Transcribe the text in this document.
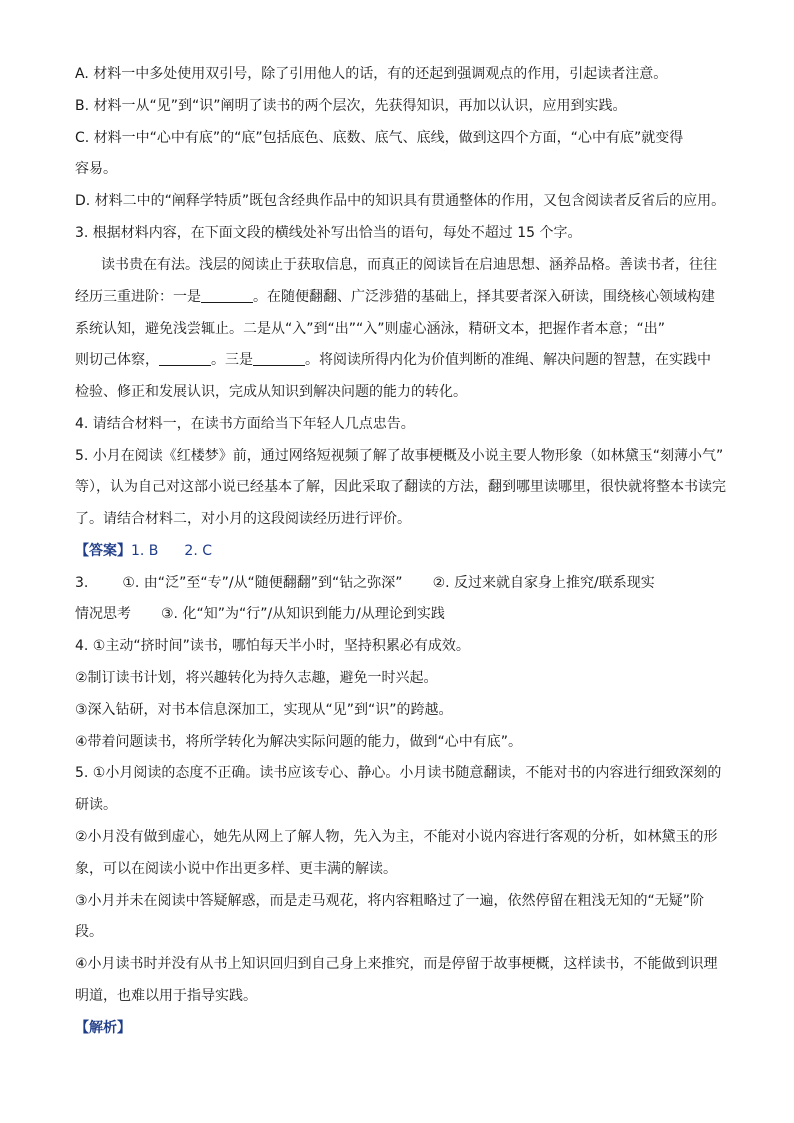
A. 材料一中多处使用双引号，除了引用他人的话，有的还起到强调观点的作用，引起读者注意。
B. 材料一从“见”到“识”阐明了读书的两个层次，先获得知识，再加以认识，应用到实践。
C. 材料一中“心中有底”的“底”包括底色、底数、底气、底线，做到这四个方面，“心中有底”就变得
容易。
D. 材料二中的“阐释学特质”既包含经典作品中的知识具有贯通整体的作用，又包含阅读者反省后的应用。
3. 根据材料内容，在下面文段的横线处补写出恰当的语句，每处不超过 15 个字。
读书贵在有法。浅层的阅读止于获取信息，而真正的阅读旨在启迪思想、涵养品格。善读书者，往往
经历三重进阶：一是	。在随便翻翻、广泛涉猎的基础上，择其要者深入研读，围绕核心领域构建
系统认知，避免浅尝辄止。二是从“入”到“出”“入”则虚心涵泳，精研文本，把握作者本意；“出”
则切己体察，	。三是	。将阅读所得内化为价值判断的准绳、解决问题的智慧，在实践中
检验、修正和发展认识，完成从知识到解决问题的能力的转化。
4. 请结合材料一，在读书方面给当下年轻人几点忠告。
5. 小月在阅读《红楼梦》前，通过网络短视频了解了故事梗概及小说主要人物形象（如林黛玉“刻薄小气”
等），认为自己对这部小说已经基本了解，因此采取了翻读的方法，翻到哪里读哪里，很快就将整本书读完
了。请结合材料二，对小月的这段阅读经历进行评价。
【答案】1. B 2. C
3. ①. 由“泛”至“专”/从“随便翻翻”到“钻之弥深” ②. 反过来就自家身上推究/联系现实
情况思考 ③. 化“知”为“行”/从知识到能力/从理论到实践
4. ①主动“挤时间”读书，哪怕每天半小时，坚持积累必有成效。
②制订读书计划，将兴趣转化为持久志趣，避免一时兴起。
③深入钻研，对书本信息深加工，实现从“见”到“识”的跨越。
④带着问题读书，将所学转化为解决实际问题的能力，做到“心中有底”。
5. ①小月阅读的态度不正确。读书应该专心、静心。小月读书随意翻读，不能对书的内容进行细致深刻的
研读。
②小月没有做到虚心，她先从网上了解人物，先入为主，不能对小说内容进行客观的分析，如林黛玉的形
象，可以在阅读小说中作出更多样、更丰满的解读。
③小月并未在阅读中答疑解惑，而是走马观花，将内容粗略过了一遍，依然停留在粗浅无知的“无疑”阶
段。
④小月读书时并没有从书上知识回归到自己身上来推究，而是停留于故事梗概，这样读书，不能做到识理
明道，也难以用于指导实践。
【解析】
